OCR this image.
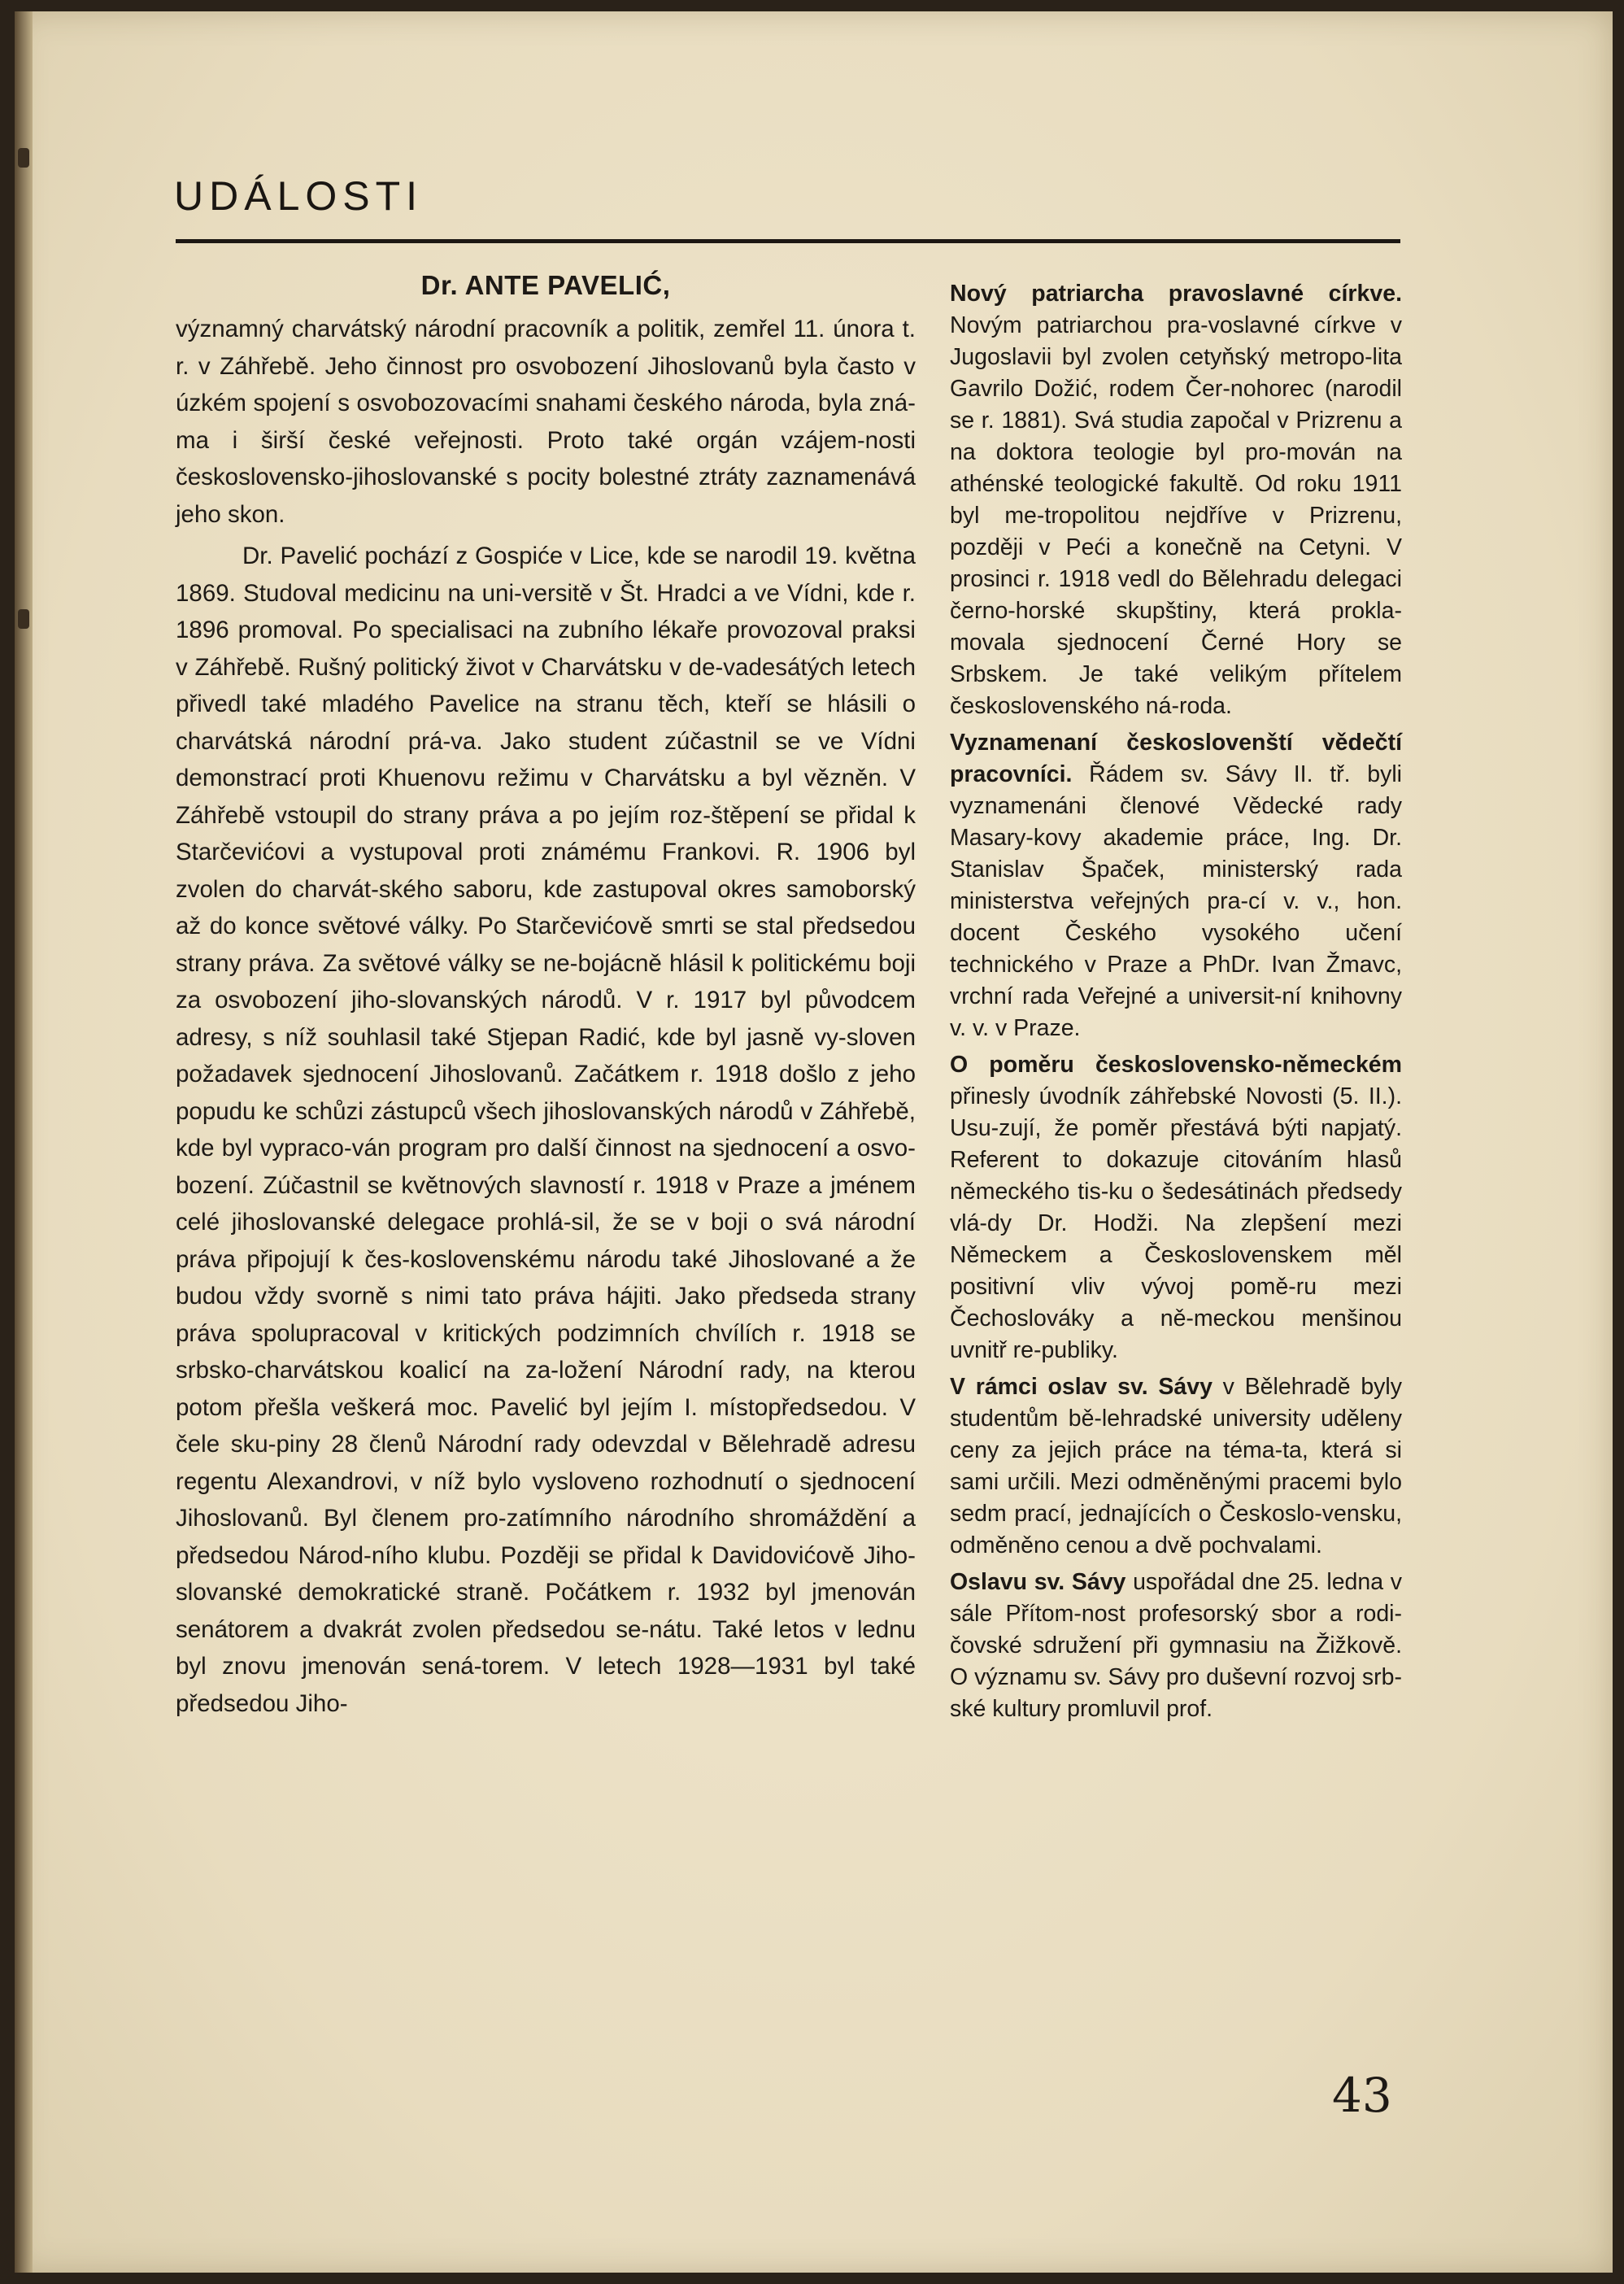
UDÁLOSTI
Dr. ANTE PAVELIĆ,

významný charvátský národní pracovník a politik, zemřel 11. února t. r. v Záhřebě. Jeho činnost pro osvobození Jihoslovanů byla často v úzkém spojení s osvobozovacími snahami českého národa, byla zná-ma i širší české veřejnosti. Proto také orgán vzájem-nosti československo-jihoslovanské s pocity bolestné ztráty zaznamenává jeho skon.

Dr. Pavelić pochází z Gospiće v Lice, kde se narodil 19. května 1869. Studoval medicinu na uni-versitě v Št. Hradci a ve Vídni, kde r. 1896 promoval. Po specialisaci na zubního lékaře provozoval praksi v Záhřebě. Rušný politický život v Charvátsku v de-vadesátých letech přivedl také mladého Pavelice na stranu těch, kteří se hlásili o charvátská národní prá-va. Jako student zúčastnil se ve Vídni demonstrací proti Khuenovu režimu v Charvátsku a byl vězněn. V Záhřebě vstoupil do strany práva a po jejím roz-štěpení se přidal k Starčevićovi a vystupoval proti známému Frankovi. R. 1906 byl zvolen do charvát-ského saboru, kde zastupoval okres samoborský až do konce světové války. Po Starčevićově smrti se stal předsedou strany práva. Za světové války se ne-bojácně hlásil k politickému boji za osvobození jiho-slovanských národů. V r. 1917 byl původcem adresy, s níž souhlasil také Stjepan Radić, kde byl jasně vy-sloven požadavek sjednocení Jihoslovanů. Začátkem r. 1918 došlo z jeho popudu ke schůzi zástupců všech jihoslovanských národů v Záhřebě, kde byl vypraco-ván program pro další činnost na sjednocení a osvo-bození. Zúčastnil se květnových slavností r. 1918 v Praze a jménem celé jihoslovanské delegace prohlá-sil, že se v boji o svá národní práva připojují k čes-koslovenskému národu také Jihoslované a že budou vždy svorně s nimi tato práva hájiti. Jako předseda strany práva spolupracoval v kritických podzimních chvílích r. 1918 se srbsko-charvátskou koalicí na za-ložení Národní rady, na kterou potom přešla veškerá moc. Pavelić byl jejím I. místopředsedou. V čele sku-piny 28 členů Národní rady odevzdal v Bělehradě adresu regentu Alexandrovi, v níž bylo vysloveno rozhodnutí o sjednocení Jihoslovanů. Byl členem pro-zatímního národního shromáždění a předsedou Národ-ního klubu. Později se přidal k Davidovićově Jiho-slovanské demokratické straně. Počátkem r. 1932 byl jmenován senátorem a dvakrát zvolen předsedou se-nátu. Také letos v lednu byl znovu jmenován sená-torem. V letech 1928—1931 byl také předsedou Jiho-

Nový patriarcha pravoslavné církve. Novým patriarchou pra-voslavné církve v Jugoslavii byl zvolen cetyňský metropo-lita Gavrilo Dožić, rodem Čer-nohorec (narodil se r. 1881). Svá studia započal v Prizrenu a na doktora teologie byl pro-mován na athénské teologické fakultě. Od roku 1911 byl me-tropolitou nejdříve v Prizrenu, později v Peći a konečně na Cetyni. V prosinci r. 1918 vedl do Bělehradu delegaci černo-horské skupštiny, která prokla-movala sjednocení Černé Hory se Srbskem. Je také velikým přítelem československého ná-roda.

Vyznamenaní českoslovenští vědečtí pracovníci. Řádem sv. Sávy II. tř. byli vyznamenáni členové Vědecké rady Masary-kovy akademie práce, Ing. Dr. Stanislav Špaček, ministerský rada ministerstva veřejných pra-cí v. v., hon. docent Českého vysokého učení technického v Praze a PhDr. Ivan Žmavc, vrchní rada Veřejné a universit-ní knihovny v. v. v Praze.

O poměru československo-německém přinesly úvodník záhřebské Novosti (5. II.). Usu-zují, že poměr přestává býti napjatý. Referent to dokazuje citováním hlasů německého tis-ku o šedesátinách předsedy vlá-dy Dr. Hodži. Na zlepšení mezi Německem a Československem měl positivní vliv vývoj pomě-ru mezi Čechoslováky a ně-meckou menšinou uvnitř re-publiky.

V rámci oslav sv. Sávy v Bělehradě byly studentům bě-lehradské university uděleny ceny za jejich práce na téma-ta, která si sami určili. Mezi odměněnými pracemi bylo sedm prací, jednajících o Českoslo-vensku, odměněno cenou a dvě pochvalami.

Oslavu sv. Sávy uspořádal dne 25. ledna v sále Přítom-nost profesorský sbor a rodi-čovské sdružení při gymnasiu na Žižkově. O významu sv. Sávy pro duševní rozvoj srb-ské kultury promluvil prof.

43
